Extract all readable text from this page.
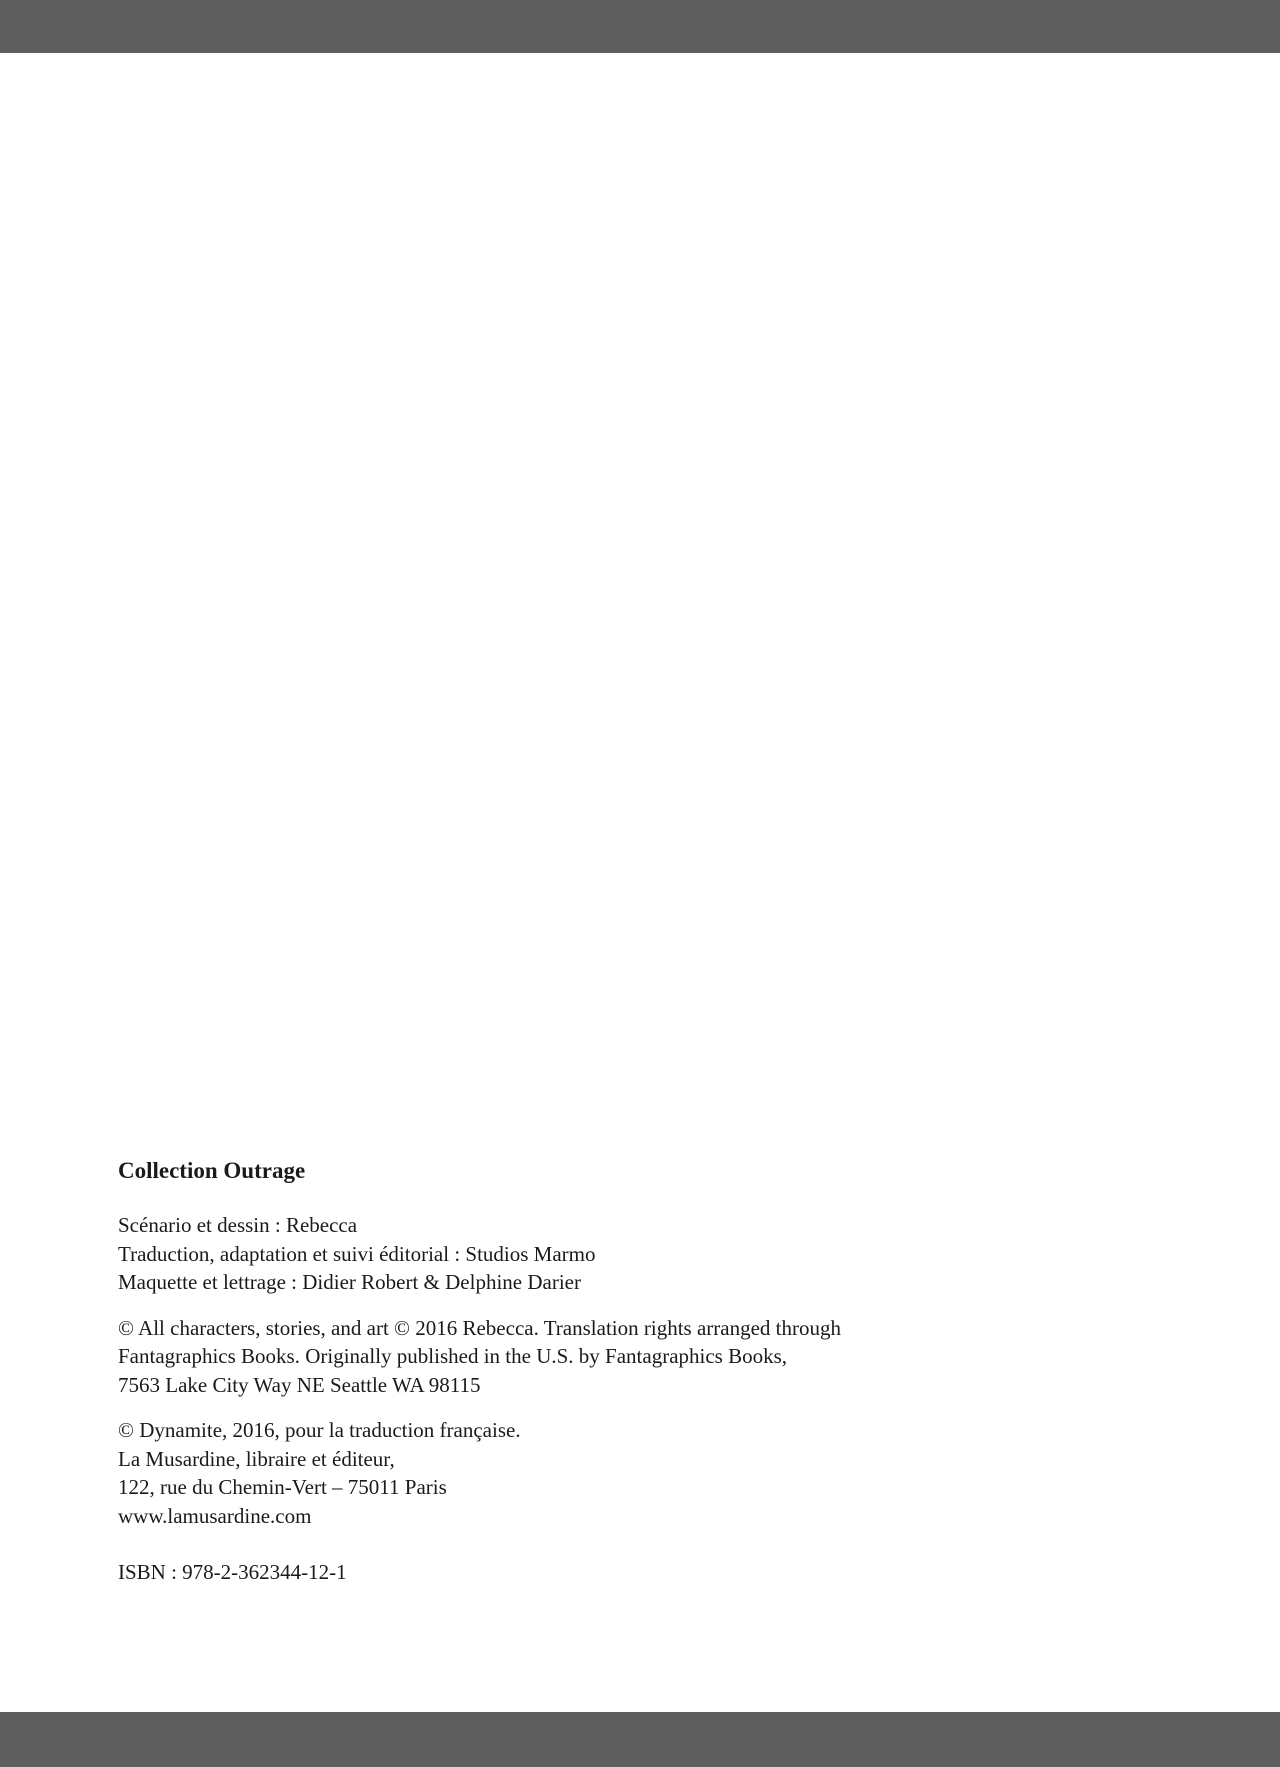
Collection Outrage
Scénario et dessin : Rebecca
Traduction, adaptation et suivi éditorial : Studios Marmo
Maquette et lettrage : Didier Robert & Delphine Darier
© All characters, stories, and art © 2016 Rebecca. Translation rights arranged through
Fantagraphics Books. Originally published in the U.S. by Fantagraphics Books,
7563 Lake City Way NE Seattle WA 98115
© Dynamite, 2016, pour la traduction française.
La Musardine, libraire et éditeur,
122, rue du Chemin-Vert – 75011 Paris
www.lamusardine.com
ISBN : 978-2-362344-12-1
